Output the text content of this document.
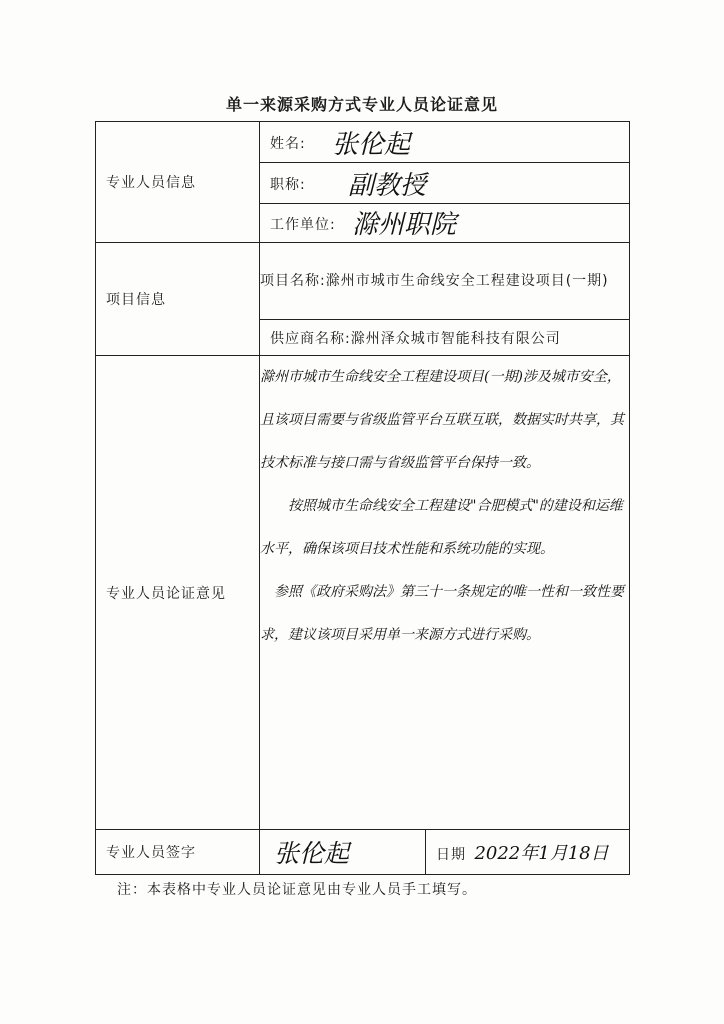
单一来源采购方式专业人员论证意见
专业人员信息	
姓名: 张伦起

职称: 副教授

工作单位: 滁州职院

项目信息	项目名称:滁州市城市生命线安全工程建设项目(一期)
供应商名称:滁州泽众城市智能科技有限公司
专业人员论证意见	

滁州市城市生命线安全工程建设项目(一期)涉及城市安全，且该项目需要与省级监管平台互联互联，数据实时共享，其技术标准与接口需与省级监管平台保持一致。

按照城市生命线安全工程建设"合肥模式"的建设和运维水平，确保该项目技术性能和系统功能的实现。

参照《政府采购法》第三十一条规定的唯一性和一致性要求，建议该项目采用单一来源方式进行采购。

专业人员签字		张伦起	日期 2022年1月18日
注：本表格中专业人员论证意见由专业人员手工填写。
